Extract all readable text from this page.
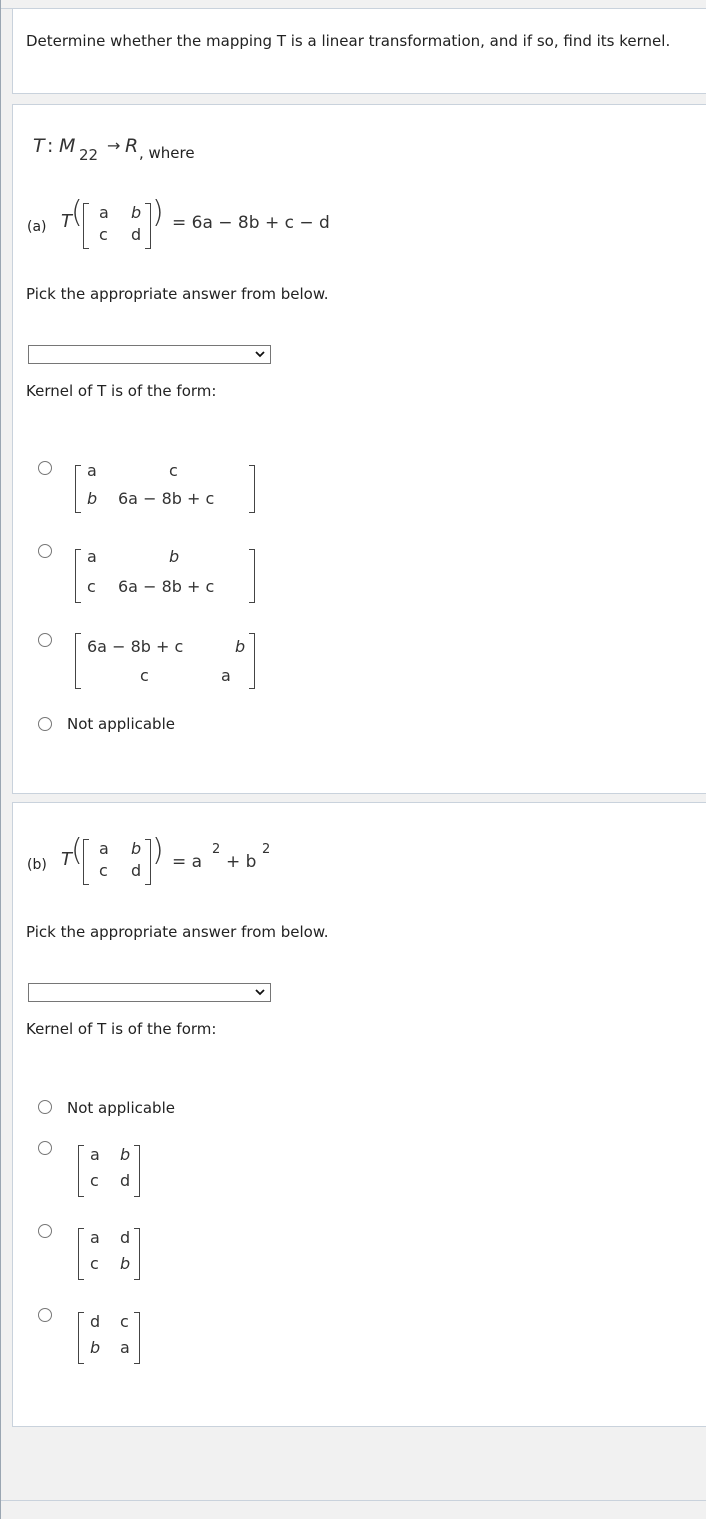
Determine whether the mapping T is a linear transformation, and if so, find its kernel.
T : M 22 → R , where
(a) T ( a b
c d
) = 6a − 8b + c − d
Pick the appropriate answer from below.
Kernel of T is of the form:
a	c
b 6a − 8b + c
a	b
c 6a − 8b + c
6a − 8b + c	b
c	a
Not applicable
(b) T ( a b
c d
) = a
2
+ b
2
Pick the appropriate answer from below.
Kernel of T is of the form:
Not applicable
a b
c d
a d
c b
d c
b a
